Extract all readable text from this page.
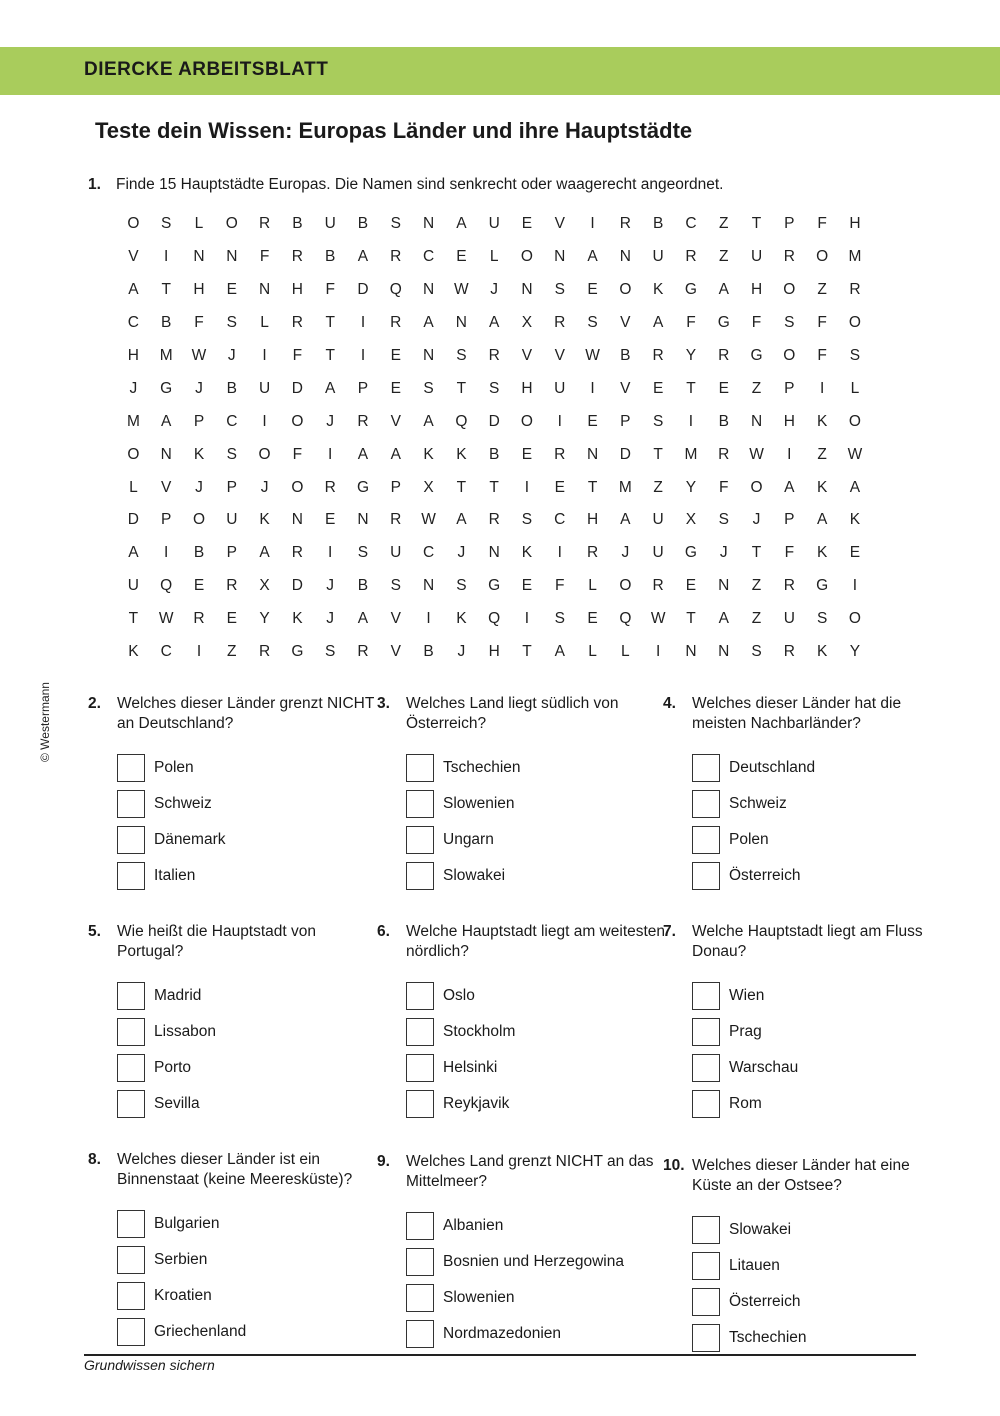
DIERCKE ARBEITSBLATT
Teste dein Wissen: Europas Länder und ihre Hauptstädte
1. Finde 15 Hauptstädte Europas. Die Namen sind senkrecht oder waagerecht angeordnet.
O	S	L	O	R	B	U	B	S	N	A	U	E	V	I	R	B	C	Z	T	P	F	H
V	I	N	N	F	R	B	A	R	C	E	L	O	N	A	N	U	R	Z	U	R	O	M
A	T	H	E	N	H	F	D	Q	N	W	J	N	S	E	O	K	G	A	H	O	Z	R
C	B	F	S	L	R	T	I	R	A	N	A	X	R	S	V	A	F	G	F	S	F	O
H	M	W	J	I	F	T	I	E	N	S	R	V	V	W	B	R	Y	R	G	O	F	S
J	G	J	B	U	D	A	P	E	S	T	S	H	U	I	V	E	T	E	Z	P	I	L
M	A	P	C	I	O	J	R	V	A	Q	D	O	I	E	P	S	I	B	N	H	K	O
O	N	K	S	O	F	I	A	A	K	K	B	E	R	N	D	T	M	R	W	I	Z	W
L	V	J	P	J	O	R	G	P	X	T	T	I	E	T	M	Z	Y	F	O	A	K	A
D	P	O	U	K	N	E	N	R	W	A	R	S	C	H	A	U	X	S	J	P	A	K
A	I	B	P	A	R	I	S	U	C	J	N	K	I	R	J	U	G	J	T	F	K	E
U	Q	E	R	X	D	J	B	S	N	S	G	E	F	L	O	R	E	N	Z	R	G	I
T	W	R	E	Y	K	J	A	V	I	K	Q	I	S	E	Q	W	T	A	Z	U	S	O
K	C	I	Z	R	G	S	R	V	B	J	H	T	A	L	L	I	N	N	S	R	K	Y
© Westermann 2.	Welches dieser Länder grenzt NICHT an Deutschland?
Polen
Schweiz
Dänemark
Italien
3.	Welches Land liegt südlich von Österreich?
Tschechien
Slowenien
Ungarn
Slowakei
4.	Welches dieser Länder hat die meisten Nachbarländer?
Deutschland
Schweiz
Polen
Österreich
5.	Wie heißt die Hauptstadt von Portugal?
Madrid
Lissabon
Porto
Sevilla
6.	Welche Hauptstadt liegt am weitesten nördlich?
Oslo
Stockholm
Helsinki
Reykjavik
7.	Welche Hauptstadt liegt am Fluss Donau?
Wien
Prag
Warschau
Rom
8.	Welches dieser Länder ist ein Binnenstaat (keine Meeresküste)?
Bulgarien
Serbien
Kroatien
Griechenland
9.	Welches Land grenzt NICHT an das Mittelmeer?
Albanien
Bosnien und Herzegowina
Slowenien
Nordmazedonien
10. Welches dieser Länder hat eine Küste an der Ostsee?
Slowakei
Litauen
Österreich
Tschechien
Grundwissen sichern
